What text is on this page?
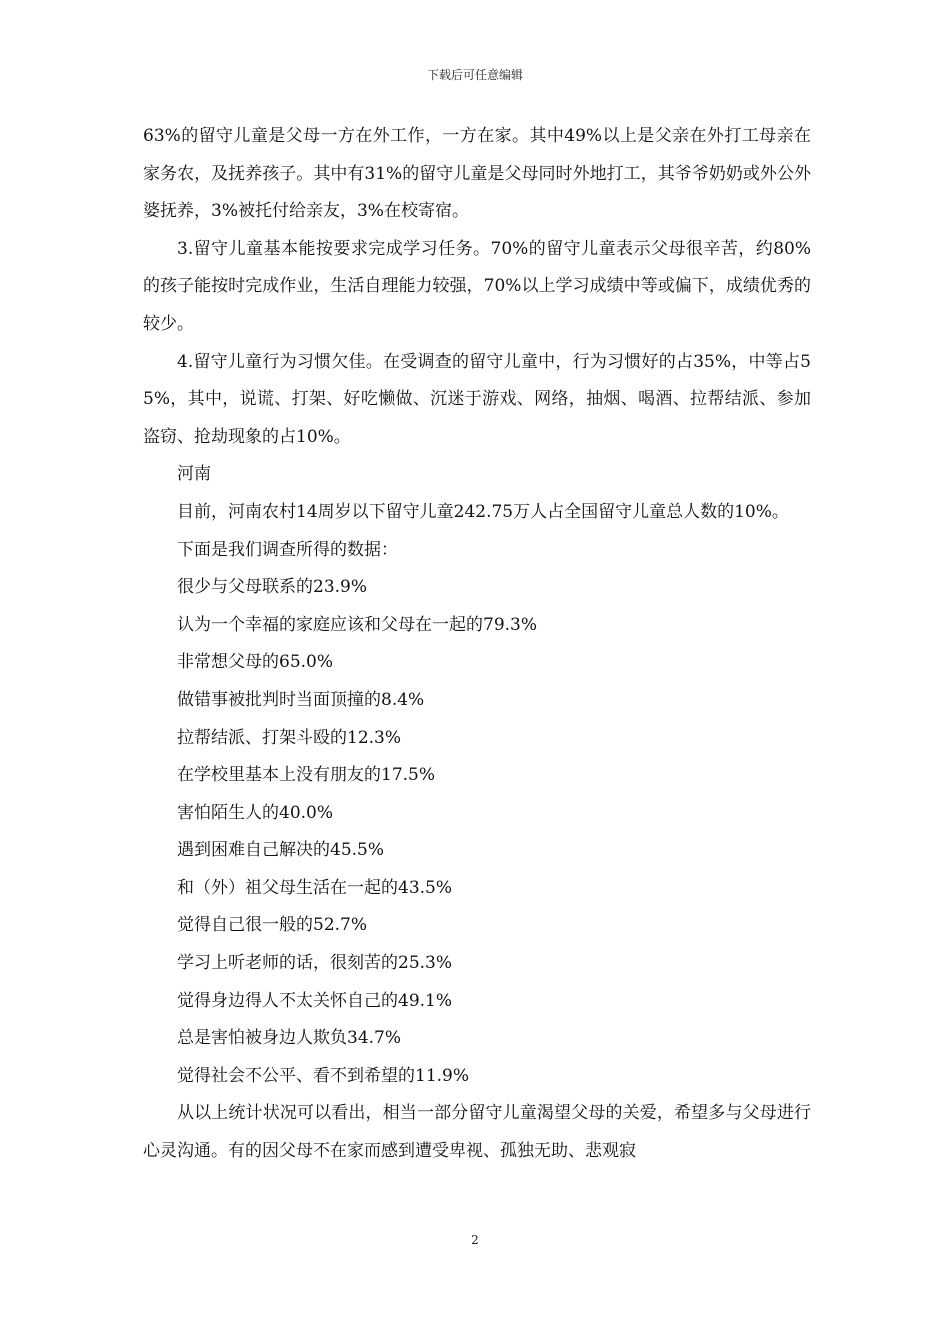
下载后可任意编辑

63%的留守儿童是父母一方在外工作，一方在家。其中49%以上是父亲在外打工母亲在家务农，及抚养孩子。其中有31%的留守儿童是父母同时外地打工，其爷爷奶奶或外公外婆抚养，3%被托付给亲友，3%在校寄宿。

3.留守儿童基本能按要求完成学习任务。70%的留守儿童表示父母很辛苦，约80%的孩子能按时完成作业，生活自理能力较强，70%以上学习成绩中等或偏下，成绩优秀的较少。

4.留守儿童行为习惯欠佳。在受调查的留守儿童中，行为习惯好的占35%，中等占55%，其中，说谎、打架、好吃懒做、沉迷于游戏、网络，抽烟、喝酒、拉帮结派、参加盗窃、抢劫现象的占10%。

河南

目前，河南农村14周岁以下留守儿童242.75万人占全国留守儿童总人数的10%。

下面是我们调查所得的数据：

很少与父母联系的23.9%

认为一个幸福的家庭应该和父母在一起的79.3%

非常想父母的65.0%

做错事被批判时当面顶撞的8.4%

拉帮结派、打架斗殴的12.3%

在学校里基本上没有朋友的17.5%

害怕陌生人的40.0%

遇到困难自己解决的45.5%

和（外）祖父母生活在一起的43.5%

觉得自己很一般的52.7%

学习上听老师的话，很刻苦的25.3%

觉得身边得人不太关怀自己的49.1%

总是害怕被身边人欺负34.7%

觉得社会不公平、看不到希望的11.9%

从以上统计状况可以看出，相当一部分留守儿童渴望父母的关爱，希望多与父母进行心灵沟通。有的因父母不在家而感到遭受卑视、孤独无助、悲观寂

2
